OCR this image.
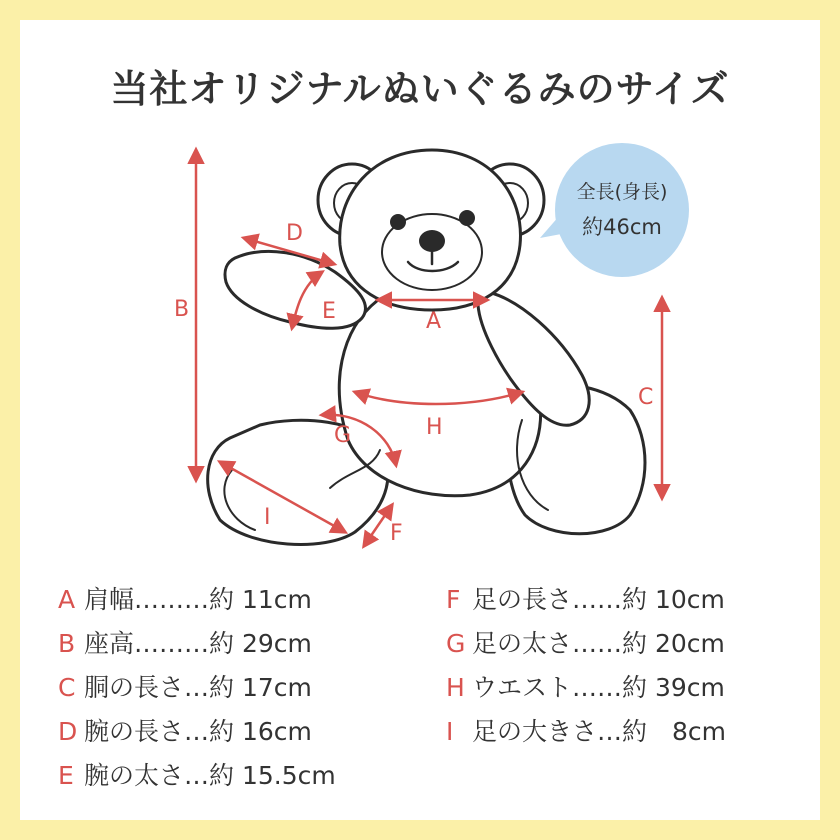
当社オリジナルぬいぐるみのサイズ
全長(身長)
約46cm
B
C
A
D
E
H
G
I
F
A 肩幅………約 11cm
B 座高………約 29cm
C 胴の長さ…約 17cm
D 腕の長さ…約 16cm
E 腕の太さ…約 15.5cm
F 足の長さ……約 10cm
G 足の太さ……約 20cm
H ウエスト……約 39cm
I 足の大きさ…約　8cm
